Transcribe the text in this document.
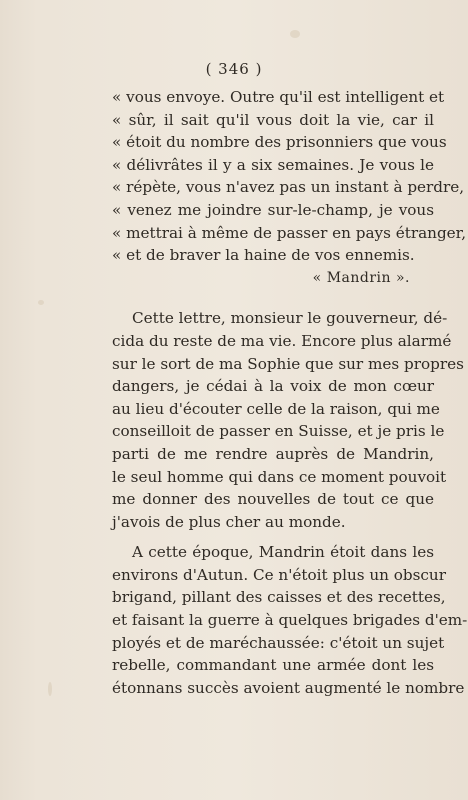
( 346 )
« vous envoye. Outre qu'il est intelligent et
« sûr, il sait qu'il vous doit la vie, car il
« étoit du nombre des prisonniers que vous
« délivrâtes il y a six semaines. Je vous le
« répète, vous n'avez pas un instant à perdre,
« venez me joindre sur-le-champ, je vous
« mettrai à même de passer en pays étranger,
« et de braver la haine de vos ennemis.
« Mandrin ».
Cette lettre, monsieur le gouverneur, dé-
cida du reste de ma vie. Encore plus alarmé
sur le sort de ma Sophie que sur mes propres
dangers, je cédai à la voix de mon cœur
au lieu d'écouter celle de la raison, qui me
conseilloit de passer en Suisse, et je pris le
parti de me rendre auprès de Mandrin,
le seul homme qui dans ce moment pouvoit
me donner des nouvelles de tout ce que
j'avois de plus cher au monde.
A cette époque, Mandrin étoit dans les
environs d'Autun. Ce n'étoit plus un obscur
brigand, pillant des caisses et des recettes,
et faisant la guerre à quelques brigades d'em-
ployés et de maréchaussée: c'étoit un sujet
rebelle, commandant une armée dont les
étonnans succès avoient augmenté le nombre
